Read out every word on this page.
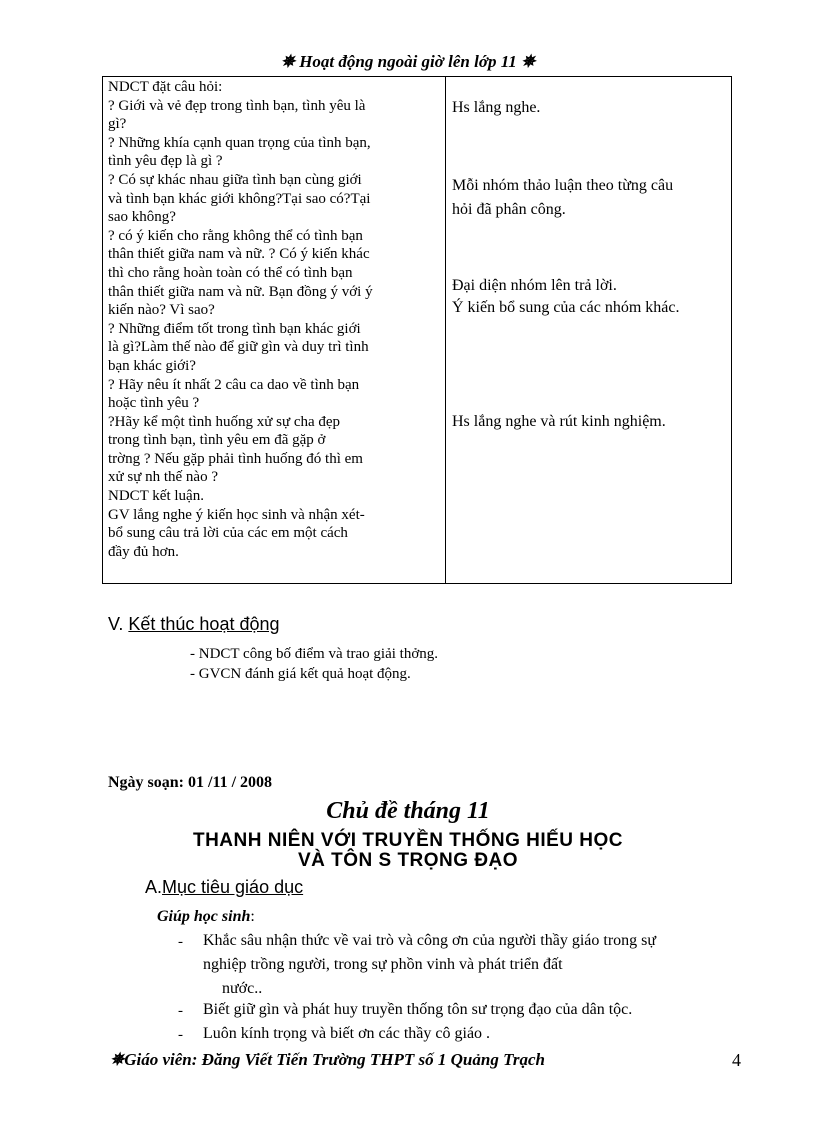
✵ Hoạt động ngoài giờ lên lớp 11 ✵
NDCT đặt câu hỏi:
? Giới và vẻ đẹp trong tình bạn, tình yêu là
gì?
? Những khía cạnh quan trọng của tình bạn,
tình yêu đẹp là gì ?
? Có sự khác nhau giữa tình bạn cùng giới
và tình bạn khác giới không?Tại sao có?Tại
sao không?
? có ý kiến cho rằng không thể có tình bạn
thân thiết giữa nam và nữ. ? Có ý kiến khác
thì cho rằng hoàn toàn có thể có tình bạn
thân thiết giữa nam và nữ. Bạn đồng ý với ý
kiến nào? Vì sao?
? Những điểm tốt trong tình bạn khác giới
là gì?Làm thế nào để giữ gìn và duy trì tình
bạn khác giới?
? Hãy nêu ít nhất 2 câu ca dao về tình bạn
hoặc tình yêu ?
?Hãy kể một tình huống xử sự cha đẹp
trong tình bạn, tình yêu em đã gặp ở
trờng ? Nếu gặp phải tình huống đó thì em
xử sự nh thế nào ?
NDCT kết luận.
GV lắng nghe ý kiến học sinh và nhận xét-
bổ sung câu trả lời của các em một cách
đầy đủ hơn.
Hs lắng nghe.
Mỗi nhóm thảo luận theo từng câu
hỏi đã phân công.
Đại diện nhóm lên trả lời.
Ý kiến bổ sung của các nhóm khác.
Hs lắng nghe và rút kinh nghiệm.
V. Kết thúc hoạt động
- NDCT công bố điểm và trao giải thởng.
- GVCN đánh giá kết quả hoạt động.
Ngày soạn: 01 /11 / 2008
Chủ đề tháng 11
THANH NIÊN VỚI TRUYỀN THỐNG HIẾU HỌC
VÀ TÔN S TRỌNG ĐẠO
A.Mục tiêu giáo dục
Giúp học sinh:
- Khắc sâu nhận thức về vai trò và công ơn của người thầy giáo trong sự
nghiệp trồng người, trong sự phồn vinh và phát triển đất
nước..
- Biết giữ gìn và phát huy truyền thống tôn sư trọng đạo của dân tộc.
- Luôn kính trọng và biết ơn các thầy cô giáo .
✵Giáo viên: Đăng Viết Tiến Trường THPT số 1 Quảng Trạch	4
